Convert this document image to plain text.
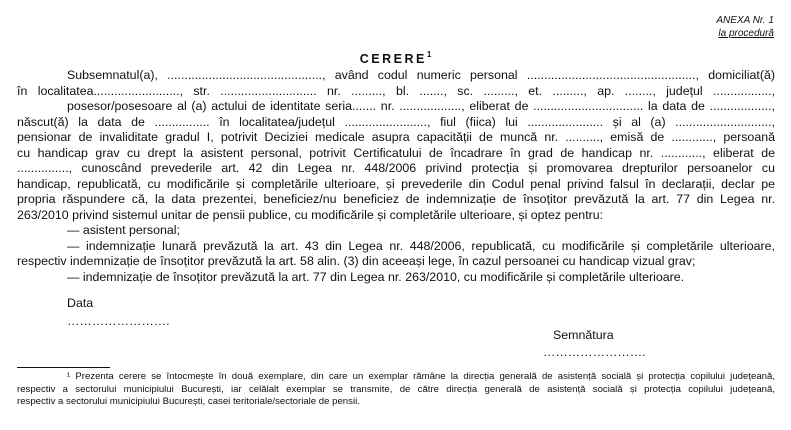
ANEXA Nr. 1
la procedură
CERERE$^1$
Subsemnatul(a), ............................................., având codul numeric personal ................................................., domiciliat(ă)
în localitatea........................., str. ............................ nr. ........., bl. ......., sc. ........., et. ........., ap. ........, județul .................,
posesor/posesoare al (a) actului de identitate seria....... nr. .................., eliberat de ................................ la data de ..................,
născut(ă) la data de ................ în localitatea/județul ........................, fiul (fiica) lui ...................... și al (a) ............................,
pensionar de invaliditate gradul I, potrivit Deciziei medicale asupra capacității de muncă nr. .........., emisă de ............, persoană
cu handicap grav cu drept la asistent personal, potrivit Certificatului de încadrare în grad de handicap nr. ............, eliberat de
..............., cunoscând prevederile art. 42 din Legea nr. 448/2006 privind protecția și promovarea drepturilor persoanelor cu
handicap, republicată, cu modificările și completările ulterioare, și prevederile din Codul penal privind falsul în declarații, declar pe
propria răspundere că, la data prezentei, beneficiez/nu beneficiez de indemnizație de însoțitor prevăzută la art. 77 din Legea nr.
263/2010 privind sistemul unitar de pensii publice, cu modificările și completările ulterioare, și optez pentru:
— asistent personal;
— indemnizație lunară prevăzută la art. 43 din Legea nr. 448/2006, republicată, cu modificările și completările ulterioare,
respectiv indemnizație de însoțitor prevăzută la art. 58 alin. (3) din aceeași lege, în cazul persoanei cu handicap vizual grav;
— indemnizație de însoțitor prevăzută la art. 77 din Legea nr. 263/2010, cu modificările și completările ulterioare.
Data
…………………….
Semnătura
…………………….
¹ Prezenta cerere se întocmește în două exemplare, din care un exemplar rămâne la direcția generală de asistență socială și protecția copilului județeană,
respectiv a sectorului municipiului București, iar celălalt exemplar se transmite, de către direcția generală de asistență socială și protecția copilului județeană,
respectiv a sectorului municipiului București, casei teritoriale/sectoriale de pensii.
